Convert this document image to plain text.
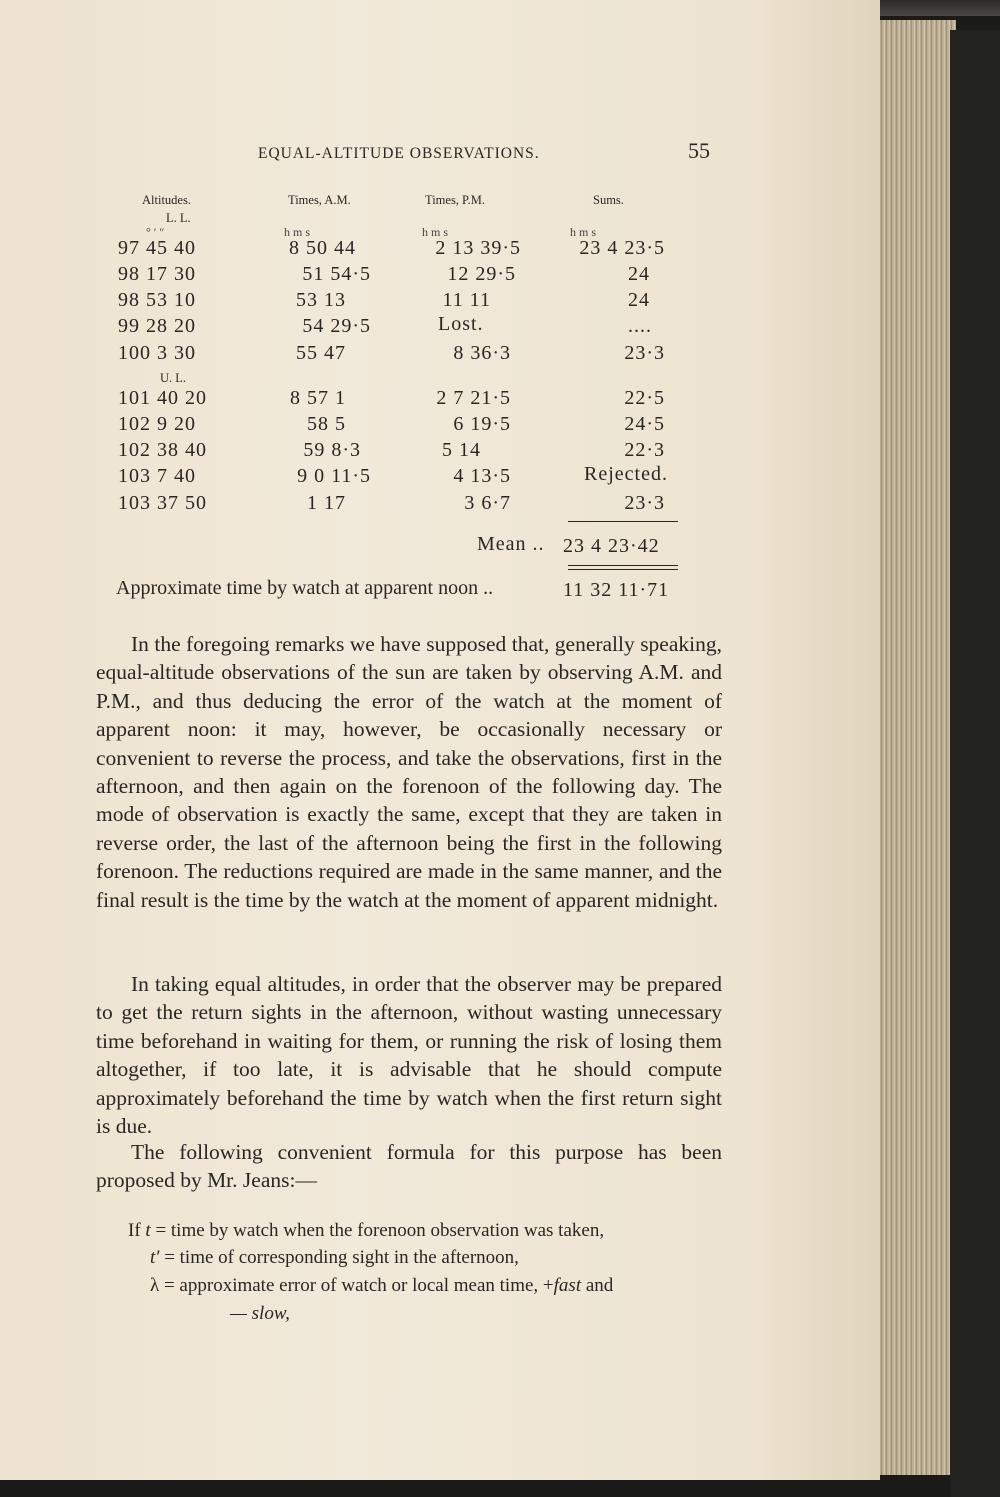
EQUAL-ALTITUDE OBSERVATIONS.	55
Altitudes.	Times, A.M.	Times, P.M.	Sums.
L. L.
° ′ ″	h m s	h m s	h m s
97 45 40	8 50 44	2 13 39·5	23 4 23·5
98 17 30	51 54·5	12 29·5	24
98 53 10	53 13	11 11	24
99 28 20	54 29·5	Lost.	....
100 3 30	55 47	8 36·3	23·3
U. L.
101 40 20	8 57 1	2 7 21·5	22·5
102 9 20	58 5	6 19·5	24·5
102 38 40	59 8·3	5 14	22·3
103 7 40	9 0 11·5	4 13·5	Rejected.
103 37 50	1 17	3 6·7	23·3
Mean .. 23 4 23·42
Approximate time by watch at apparent noon ..	11 32 11·71
In the foregoing remarks we have supposed that, generally speaking, equal-altitude observations of the sun are taken by observing A.M. and P.M., and thus deducing the error of the watch at the moment of apparent noon: it may, however, be occasionally necessary or convenient to reverse the process, and take the observations, first in the afternoon, and then again on the forenoon of the following day. The mode of observation is exactly the same, except that they are taken in reverse order, the last of the afternoon being the first in the following forenoon. The reductions required are made in the same manner, and the final result is the time by the watch at the moment of apparent midnight.
In taking equal altitudes, in order that the observer may be prepared to get the return sights in the afternoon, without wasting unnecessary time beforehand in waiting for them, or running the risk of losing them altogether, if too late, it is advisable that he should compute approximately beforehand the time by watch when the first return sight is due.
The following convenient formula for this purpose has been proposed by Mr. Jeans:—
If t = time by watch when the forenoon observation was taken,
t′ = time of corresponding sight in the afternoon,
λ = approximate error of watch or local mean time, +fast and
— slow,
